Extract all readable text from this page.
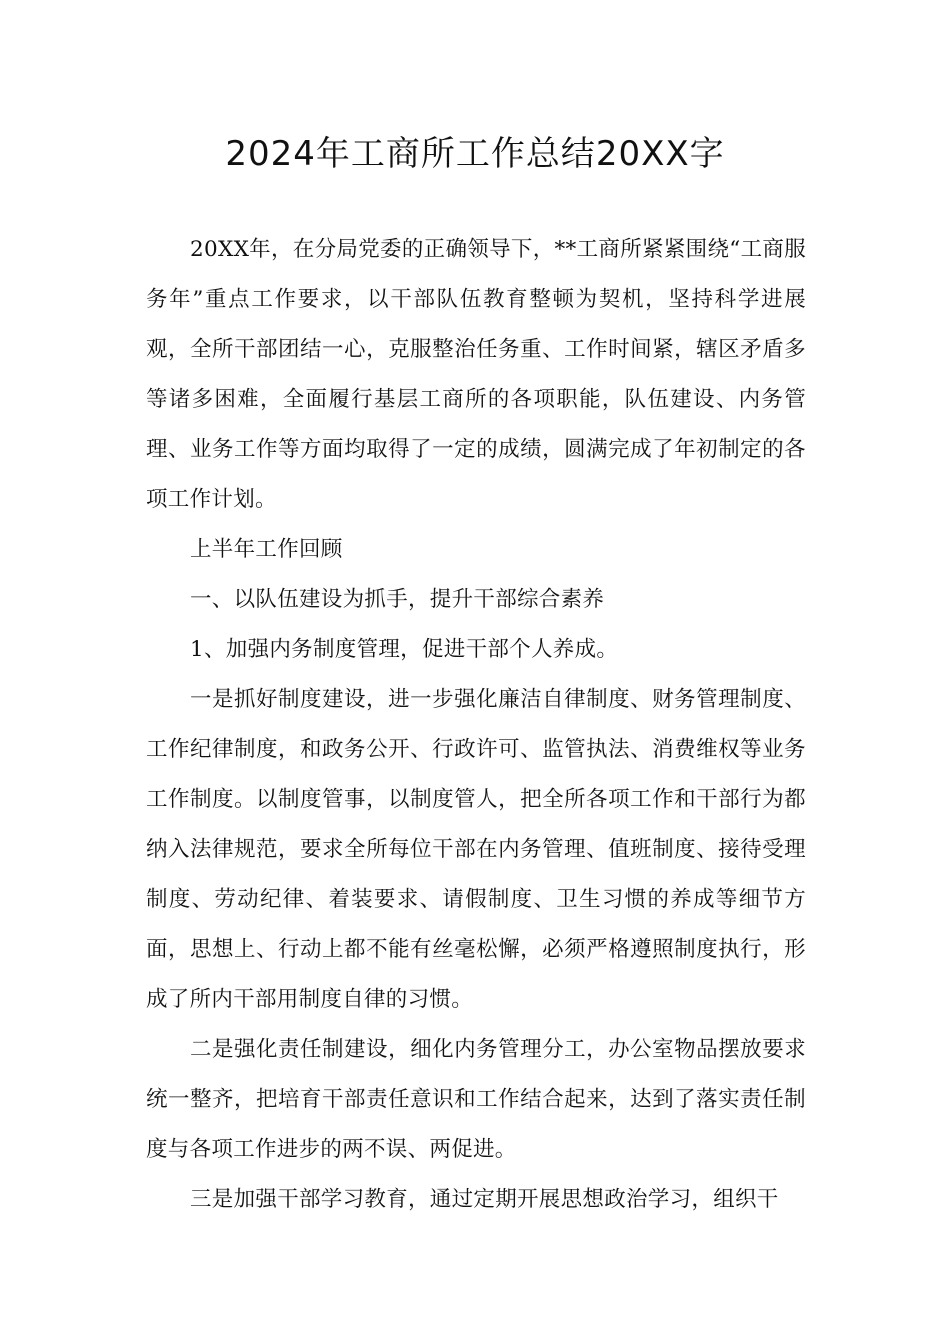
2024年工商所工作总结20XX字

20XX年，在分局党委的正确领导下，**工商所紧紧围绕“工商服务年”重点工作要求，以干部队伍教育整顿为契机，坚持科学进展观，全所干部团结一心，克服整治任务重、工作时间紧，辖区矛盾多等诸多困难，全面履行基层工商所的各项职能，队伍建设、内务管理、业务工作等方面均取得了一定的成绩，圆满完成了年初制定的各项工作计划。

上半年工作回顾

一、以队伍建设为抓手，提升干部综合素养

1、加强内务制度管理，促进干部个人养成。

一是抓好制度建设，进一步强化廉洁自律制度、财务管理制度、工作纪律制度，和政务公开、行政许可、监管执法、消费维权等业务工作制度。以制度管事，以制度管人，把全所各项工作和干部行为都纳入法律规范，要求全所每位干部在内务管理、值班制度、接待受理制度、劳动纪律、着装要求、请假制度、卫生习惯的养成等细节方面，思想上、行动上都不能有丝毫松懈，必须严格遵照制度执行，形成了所内干部用制度自律的习惯。

二是强化责任制建设，细化内务管理分工，办公室物品摆放要求统一整齐，把培育干部责任意识和工作结合起来，达到了落实责任制度与各项工作进步的两不误、两促进。

三是加强干部学习教育，通过定期开展思想政治学习，组织干
